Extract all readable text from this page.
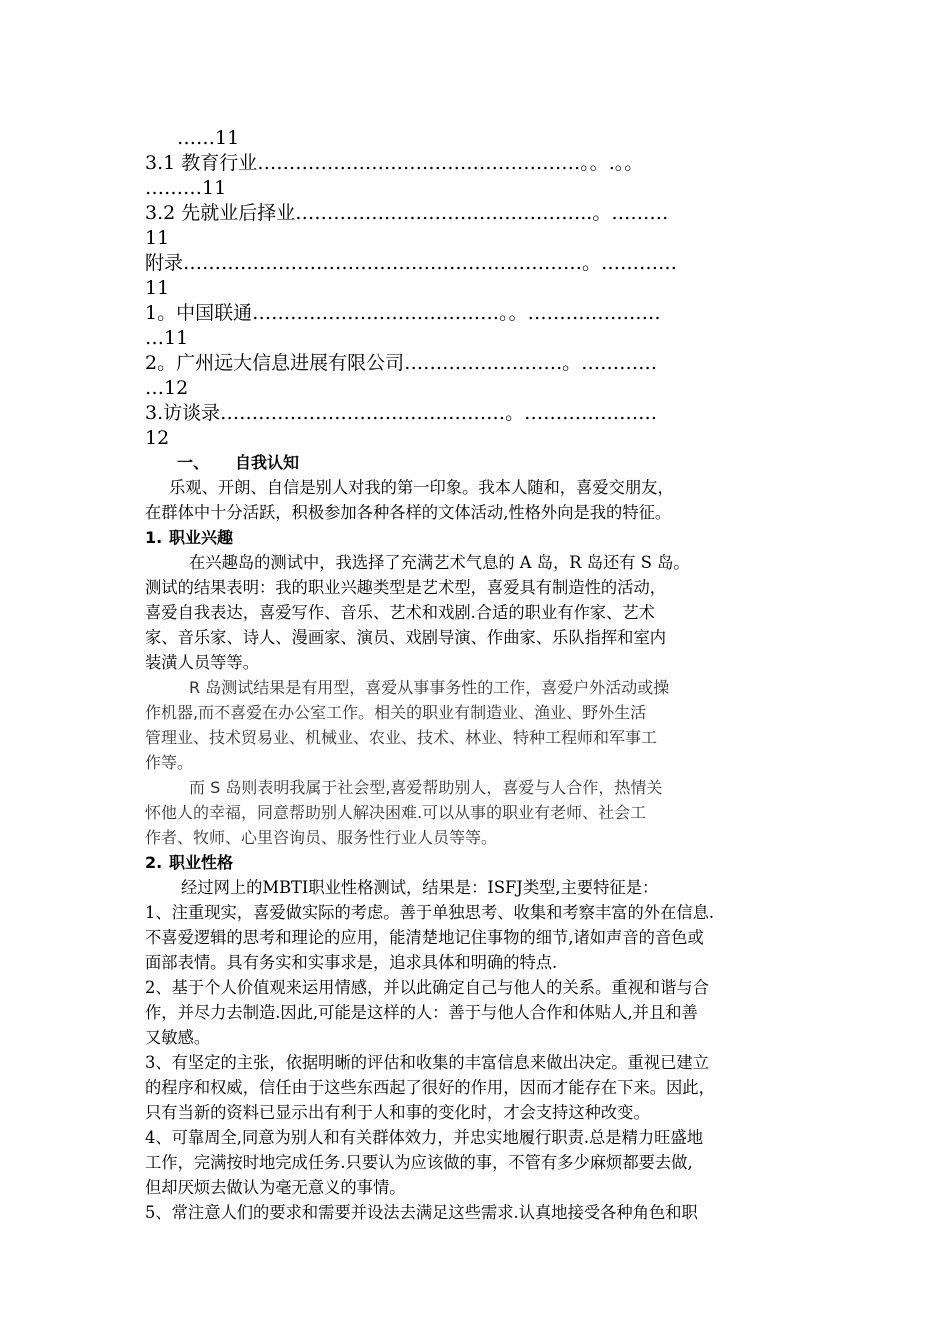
……11
3.1 教育行业……………………………………………。。.。。
………11
3.2 先就业后择业………………………………………..。………
11
附录………………………………………………………。…………
11
1。中国联通…………………………………。。…………………
…11
2。广州远大信息进展有限公司…………………….。…………
…12
3.访谈录………………………………………。…………………
12
一、 自我认知
乐观、开朗、自信是别人对我的第一印象。我本人随和，喜爱交朋友，
在群体中十分活跃，积极参加各种各样的文体活动,性格外向是我的特征。
1. 职业兴趣
在兴趣岛的测试中，我选择了充满艺术气息的 A 岛，R 岛还有 S 岛。
测试的结果表明：我的职业兴趣类型是艺术型，喜爱具有制造性的活动，
喜爱自我表达，喜爱写作、音乐、艺术和戏剧.合适的职业有作家、艺术
家、音乐家、诗人、漫画家、演员、戏剧导演、作曲家、乐队指挥和室内
装潢人员等等。
R 岛测试结果是有用型，喜爱从事事务性的工作，喜爱户外活动或操
作机器,而不喜爱在办公室工作。相关的职业有制造业、渔业、野外生活
管理业、技术贸易业、机械业、农业、技术、林业、特种工程师和军事工
作等。
而 S 岛则表明我属于社会型,喜爱帮助别人，喜爱与人合作，热情关
怀他人的幸福，同意帮助别人解决困难.可以从事的职业有老师、社会工
作者、牧师、心里咨询员、服务性行业人员等等。
2. 职业性格
经过网上的MBTI职业性格测试，结果是：ISFJ类型,主要特征是：
1、注重现实，喜爱做实际的考虑。善于单独思考、收集和考察丰富的外在信息.
不喜爱逻辑的思考和理论的应用，能清楚地记住事物的细节,诸如声音的音色或
面部表情。具有务实和实事求是，追求具体和明确的特点.
2、基于个人价值观来运用情感，并以此确定自己与他人的关系。重视和谐与合
作，并尽力去制造.因此,可能是这样的人：善于与他人合作和体贴人,并且和善
又敏感。
3、有坚定的主张，依据明晰的评估和收集的丰富信息来做出决定。重视已建立
的程序和权威，信任由于这些东西起了很好的作用，因而才能存在下来。因此，
只有当新的资料已显示出有利于人和事的变化时，才会支持这种改变。
4、可靠周全,同意为别人和有关群体效力，并忠实地履行职责.总是精力旺盛地
工作，完满按时地完成任务.只要认为应该做的事，不管有多少麻烦都要去做,
但却厌烦去做认为毫无意义的事情。
5、常注意人们的要求和需要并设法去满足这些需求.认真地接受各种角色和职
